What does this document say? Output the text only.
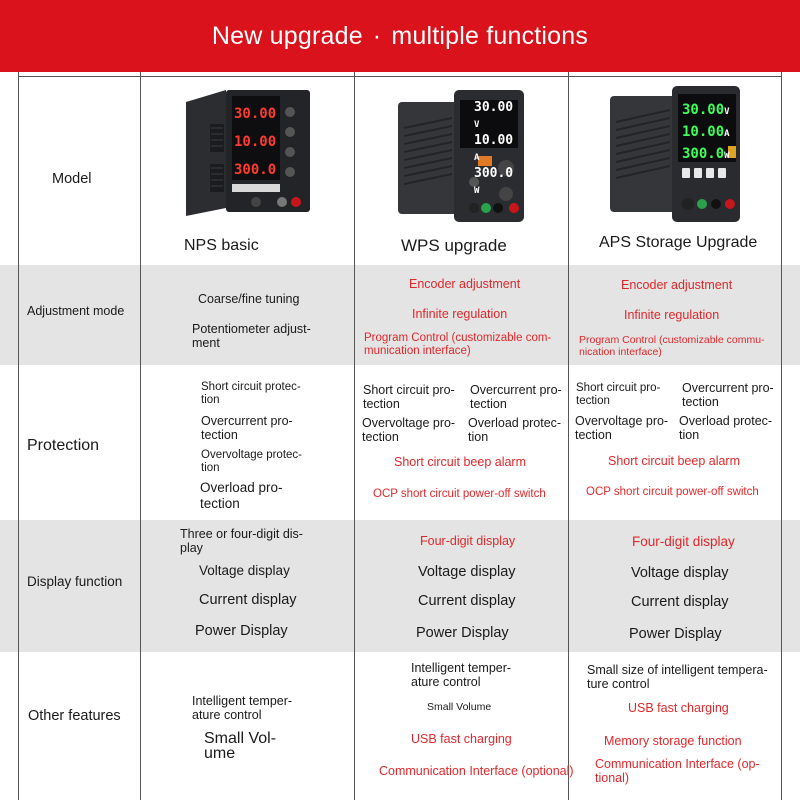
New upgrade · multiple functions
Model
Adjustment mode
Protection
Display function
Other features
30.00
10.00
300.0
30.00 V
10.00 A
300.0 W
30.00V
10.00A
300.0W
NPS basic	WPS upgrade	APS Storage Upgrade
Coarse/fine tuning
Potentiometer adjust-
ment
Encoder adjustment
Infinite regulation
Program Control (customizable com-
munication interface)
Encoder adjustment
Infinite regulation
Program Control (customizable commu-
nication interface)
Short circuit protec-
tion
Overcurrent pro-
tection
Overvoltage protec-
tion
Overload pro-
tection
Short circuit pro-
tection
Overcurrent pro-
tection
Overvoltage pro-
tection
Overload protec-
tion
Short circuit beep alarm
OCP short circuit power-off switch
Short circuit pro-
tection
Overcurrent pro-
tection
Overvoltage pro-
tection
Overload protec-
tion
Short circuit beep alarm
OCP short circuit power-off switch
Three or four-digit dis-
play
Voltage display
Current display
Power Display
Four-digit display
Voltage display
Current display
Power Display
Four-digit display
Voltage display
Current display
Power Display
Intelligent temper-
ature control
Small Vol-
ume
Intelligent temper-
ature control
Small Volume
USB fast charging
Communication Interface (optional)
Small size of intelligent tempera-
ture control
USB fast charging
Memory storage function
Communication Interface (op-
tional)
